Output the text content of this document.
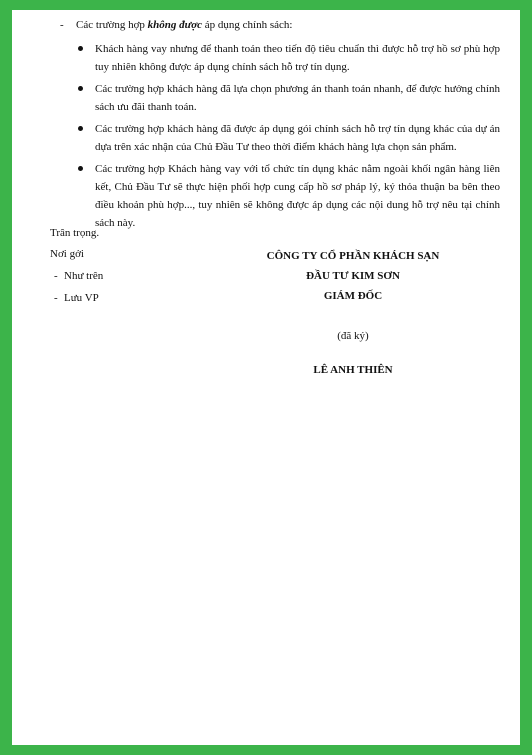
- Các trường hợp không được áp dụng chính sách:
Khách hàng vay nhưng để thanh toán theo tiến độ tiêu chuẩn thì được hỗ trợ hồ sơ phù hợp tuy nhiên không được áp dụng chính sách hỗ trợ tín dụng.
Các trường hợp khách hàng đã lựa chọn phương án thanh toán nhanh, để được hưởng chính sách ưu đãi thanh toán.
Các trường hợp khách hàng đã được áp dụng gói chính sách hỗ trợ tín dụng khác của dự án dựa trên xác nhận của Chủ Đầu Tư theo thời điểm khách hàng lựa chọn sản phẩm.
Các trường hợp Khách hàng vay với tổ chức tín dụng khác nằm ngoài khối ngân hàng liên kết, Chủ Đầu Tư sẽ thực hiện phối hợp cung cấp hồ sơ pháp lý, ký thỏa thuận ba bên theo điều khoản phù hợp..., tuy nhiên sẽ không được áp dụng các nội dung hỗ trợ nêu tại chính sách này.
Trân trọng.
Nơi gởi
- Như trên
- Lưu VP
CÔNG TY CỔ PHẦN KHÁCH SẠN
ĐẦU TƯ KIM SƠN
GIÁM ĐỐC
(đã ký)
LÊ ANH THIÊN
